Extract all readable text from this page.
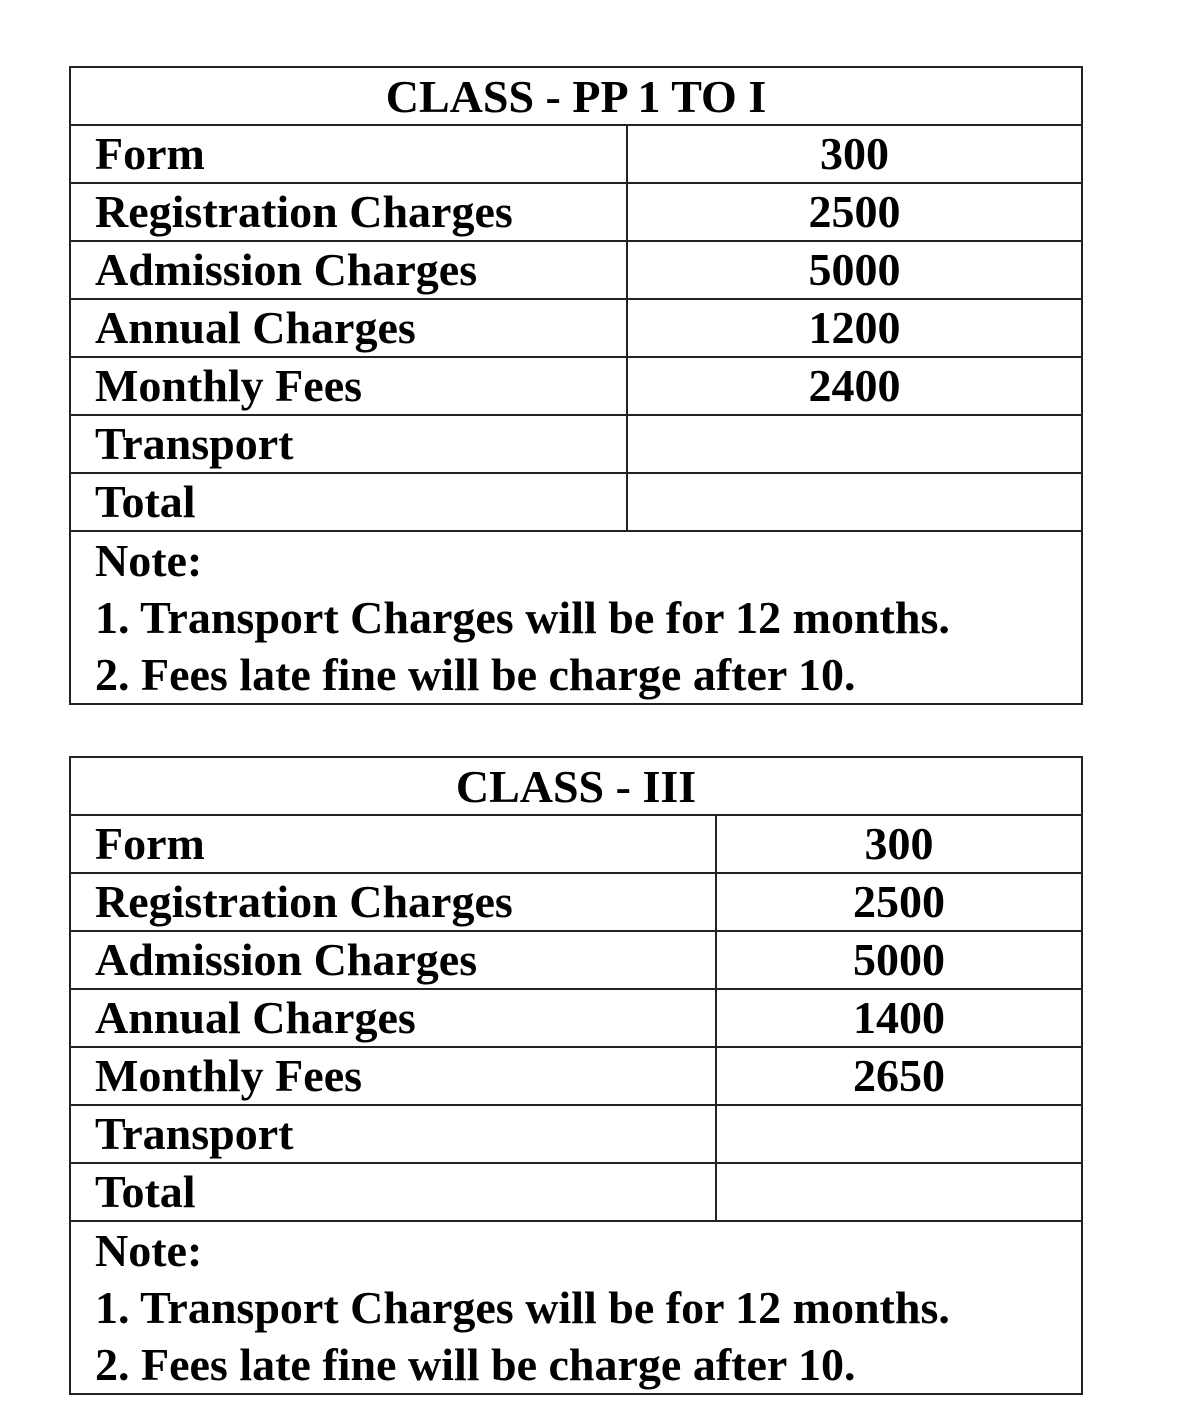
CLASS - PP 1 TO I
Form	300
Registration Charges	2500
Admission Charges	5000
Annual Charges	1200
Monthly Fees	2400
Transport
Total
Note:
1. Transport Charges will be for 12 months.
2. Fees late fine will be charge after 10.
CLASS - III
Form	300
Registration Charges	2500
Admission Charges	5000
Annual Charges	1400
Monthly Fees	2650
Transport
Total
Note:
1. Transport Charges will be for 12 months.
2. Fees late fine will be charge after 10.
